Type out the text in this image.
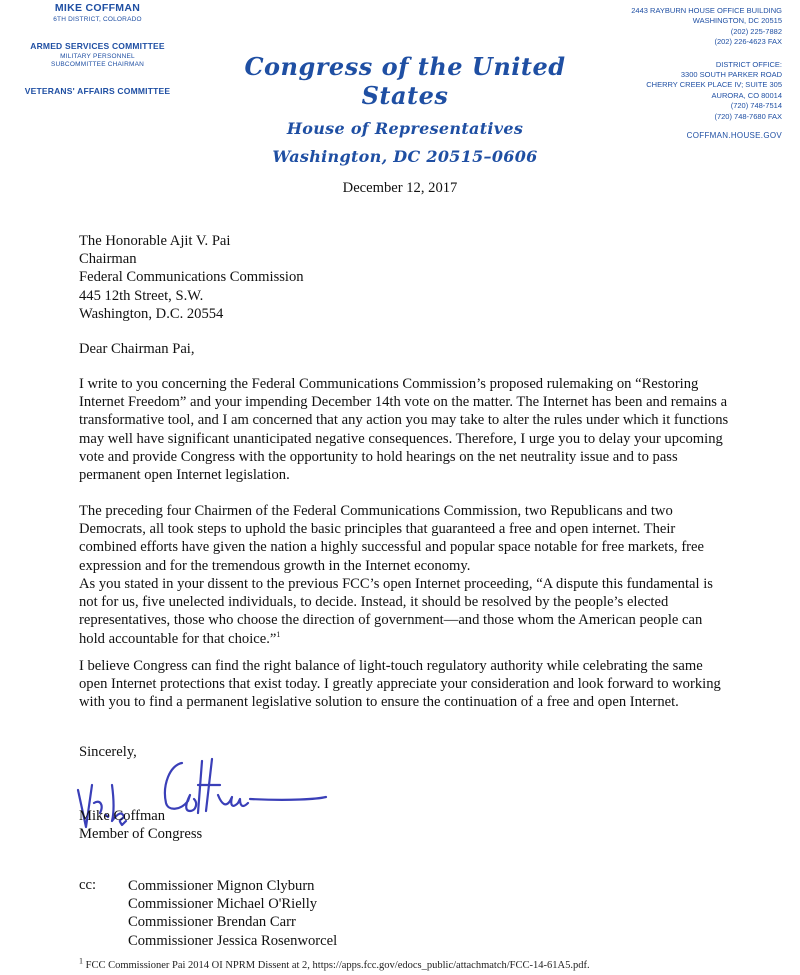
MIKE COFFMAN
6TH DISTRICT, COLORADO
ARMED SERVICES COMMITTEE
MILITARY PERSONNEL
SUBCOMMITTEE CHAIRMAN
VETERANS' AFFAIRS COMMITTEE
Congress of the United States
House of Representatives
Washington, DC 20515–0606
2443 RAYBURN HOUSE OFFICE BUILDING
WASHINGTON, DC 20515
(202) 225-7882
(202) 226-4623 FAX
DISTRICT OFFICE:
3300 SOUTH PARKER ROAD
CHERRY CREEK PLACE IV; SUITE 305
AURORA, CO 80014
(720) 748-7514
(720) 748-7680 FAX
COFFMAN.HOUSE.GOV
December 12, 2017
The Honorable Ajit V. Pai
Chairman
Federal Communications Commission
445 12th Street, S.W.
Washington, D.C. 20554
Dear Chairman Pai,
I write to you concerning the Federal Communications Commission’s proposed rulemaking on “Restoring Internet Freedom” and your impending December 14th vote on the matter. The Internet has been and remains a transformative tool, and I am concerned that any action you may take to alter the rules under which it functions may well have significant unanticipated negative consequences. Therefore, I urge you to delay your upcoming vote and provide Congress with the opportunity to hold hearings on the net neutrality issue and to pass permanent open Internet legislation.
The preceding four Chairmen of the Federal Communications Commission, two Republicans and two Democrats, all took steps to uphold the basic principles that guaranteed a free and open internet. Their combined efforts have given the nation a highly successful and popular space notable for free markets, free expression and for the tremendous growth in the Internet economy.
As you stated in your dissent to the previous FCC’s open Internet proceeding, “A dispute this fundamental is not for us, five unelected individuals, to decide. Instead, it should be resolved by the people’s elected representatives, those who choose the direction of government—and those whom the American people can hold accountable for that choice.”$^1$
I believe Congress can find the right balance of light-touch regulatory authority while celebrating the same open Internet protections that exist today. I greatly appreciate your consideration and look forward to working with you to find a permanent legislative solution to ensure the continuation of a free and open Internet.
Sincerely,
Mike Coffman
Member of Congress
cc: Commissioner Mignon Clyburn
Commissioner Michael O'Rielly
Commissioner Brendan Carr
Commissioner Jessica Rosenworcel
$^1$ FCC Commissioner Pai 2014 OI NPRM Dissent at 2, https://apps.fcc.gov/edocs_public/attachmatch/FCC-14-61A5.pdf.
